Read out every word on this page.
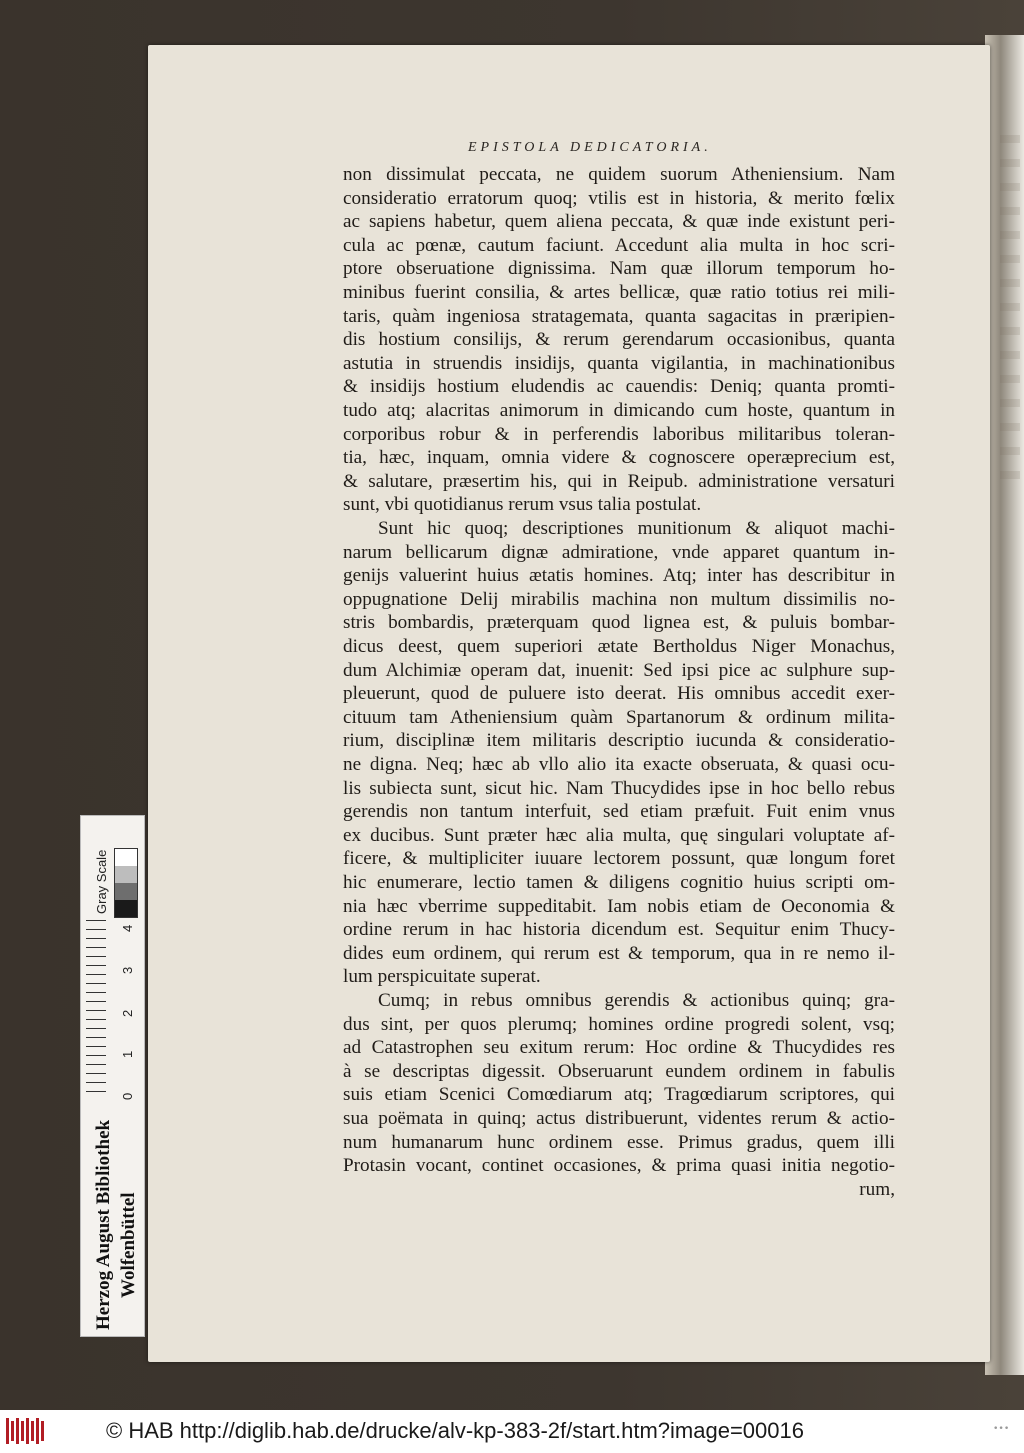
EPISTOLA DEDICATORIA.
non dissimulat peccata, ne quidem suorum Atheniensium. Nam
consideratio erratorum quoq; vtilis est in historia, & merito fœlix
ac sapiens habetur, quem aliena peccata, & quæ inde existunt peri-
cula ac pœnæ, cautum faciunt. Accedunt alia multa in hoc scri-
ptore obseruatione dignissima. Nam quæ illorum temporum ho-
minibus fuerint consilia, & artes bellicæ, quæ ratio totius rei mili-
taris, quàm ingeniosa stratagemata, quanta sagacitas in præripien-
dis hostium consilijs, & rerum gerendarum occasionibus, quanta
astutia in struendis insidijs, quanta vigilantia, in machinationibus
& insidijs hostium eludendis ac cauendis: Deniq; quanta promti-
tudo atq; alacritas animorum in dimicando cum hoste, quantum in
corporibus robur & in perferendis laboribus militaribus toleran-
tia, hæc, inquam, omnia videre & cognoscere operæprecium est,
& salutare, præsertim his, qui in Reipub. administratione versaturi
sunt, vbi quotidianus rerum vsus talia postulat.
Sunt hic quoq; descriptiones munitionum & aliquot machi-
narum bellicarum dignæ admiratione, vnde apparet quantum in-
genijs valuerint huius ætatis homines. Atq; inter has describitur in
oppugnatione Delij mirabilis machina non multum dissimilis no-
stris bombardis, præterquam quod lignea est, & puluis bombar-
dicus deest, quem superiori ætate Bertholdus Niger Monachus,
dum Alchimiæ operam dat, inuenit: Sed ipsi pice ac sulphure sup-
pleuerunt, quod de puluere isto deerat. His omnibus accedit exer-
cituum tam Atheniensium quàm Spartanorum & ordinum milita-
rium, disciplinæ item militaris descriptio iucunda & consideratio-
ne digna. Neq; hæc ab vllo alio ita exacte obseruata, & quasi ocu-
lis subiecta sunt, sicut hic. Nam Thucydides ipse in hoc bello rebus
gerendis non tantum interfuit, sed etiam præfuit. Fuit enim vnus
ex ducibus. Sunt præter hæc alia multa, quę singulari voluptate af-
ficere, & multipliciter iuuare lectorem possunt, quæ longum foret
hic enumerare, lectio tamen & diligens cognitio huius scripti om-
nia hæc vberrime suppeditabit. Iam nobis etiam de Oeconomia &
ordine rerum in hac historia dicendum est. Sequitur enim Thucy-
dides eum ordinem, qui rerum est & temporum, qua in re nemo il-
lum perspicuitate superat.
Cumq; in rebus omnibus gerendis & actionibus quinq; gra-
dus sint, per quos plerumq; homines ordine progredi solent, vsq;
ad Catastrophen seu exitum rerum: Hoc ordine & Thucydides res
à se descriptas digessit. Obseruarunt eundem ordinem in fabulis
suis etiam Scenici Comœdiarum atq; Tragœdiarum scriptores, qui
sua poëmata in quinq; actus distribuerunt, videntes rerum & actio-
num humanarum hunc ordinem esse. Primus gradus, quem illi
Protasin vocant, continet occasiones, & prima quasi initia negotio-
rum,
Gray Scale
0
1
2
3
4
Herzog August Bibliothek Wolfenbüttel
© HAB http://diglib.hab.de/drucke/alv-kp-383-2f/start.htm?image=00016	•••
